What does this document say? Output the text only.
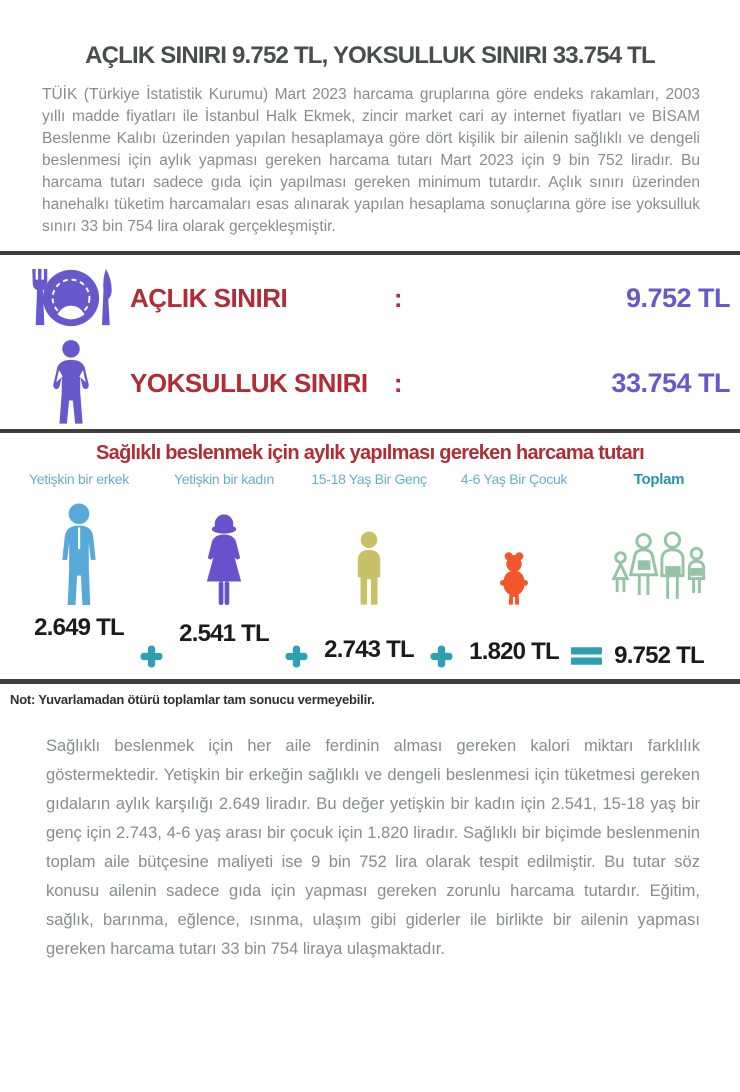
AÇLIK SINIRI 9.752 TL, YOKSULLUK SINIRI 33.754 TL

TÜİK (Türkiye İstatistik Kurumu) Mart 2023 harcama gruplarına göre endeks rakamları, 2003 yıllı madde fiyatları ile İstanbul Halk Ekmek, zincir market cari ay internet fiyatları ve BİSAM Beslenme Kalıbı üzerinden yapılan hesaplamaya göre dört kişilik bir ailenin sağlıklı ve dengeli beslenmesi için aylık yapması gereken harcama tutarı Mart 2023 için 9 bin 752 liradır. Bu harcama tutarı sadece gıda için yapılması gereken minimum tutardır. Açlık sınırı üzerinden hanehalkı tüketim harcamaları esas alınarak yapılan hesaplama sonuçlarına göre ise yoksulluk sınırı 33 bin 754 lira olarak gerçekleşmiştir.

AÇLIK SINIRI	:	9.752 TL
YOKSULLUK SINIRI :	33.754 TL
Sağlıklı beslenmek için aylık yapılması gereken harcama tutarı
Yetişkin bir erkek
2.649 TL
Yetişkin bir kadın
2.541 TL
15-18 Yaş Bir Genç
2.743 TL
4-6 Yaş Bir Çocuk
1.820 TL
Toplam
9.752 TL

Not: Yuvarlamadan ötürü toplamlar tam sonucu vermeyebilir.

Sağlıklı beslenmek için her aile ferdinin alması gereken kalori miktarı farklılık göstermektedir. Yetişkin bir erkeğin sağlıklı ve dengeli beslenmesi için tüketmesi gereken gıdaların aylık karşılığı 2.649 liradır. Bu değer yetişkin bir kadın için 2.541, 15-18 yaş bir genç için 2.743, 4-6 yaş arası bir çocuk için 1.820 liradır. Sağlıklı bir biçimde beslenmenin toplam aile bütçesine maliyeti ise 9 bin 752 lira olarak tespit edilmiştir. Bu tutar söz konusu ailenin sadece gıda için yapması gereken zorunlu harcama tutardır. Eğitim, sağlık, barınma, eğlence, ısınma, ulaşım gibi giderler ile birlikte bir ailenin yapması gereken harcama tutarı 33 bin 754 liraya ulaşmaktadır.
